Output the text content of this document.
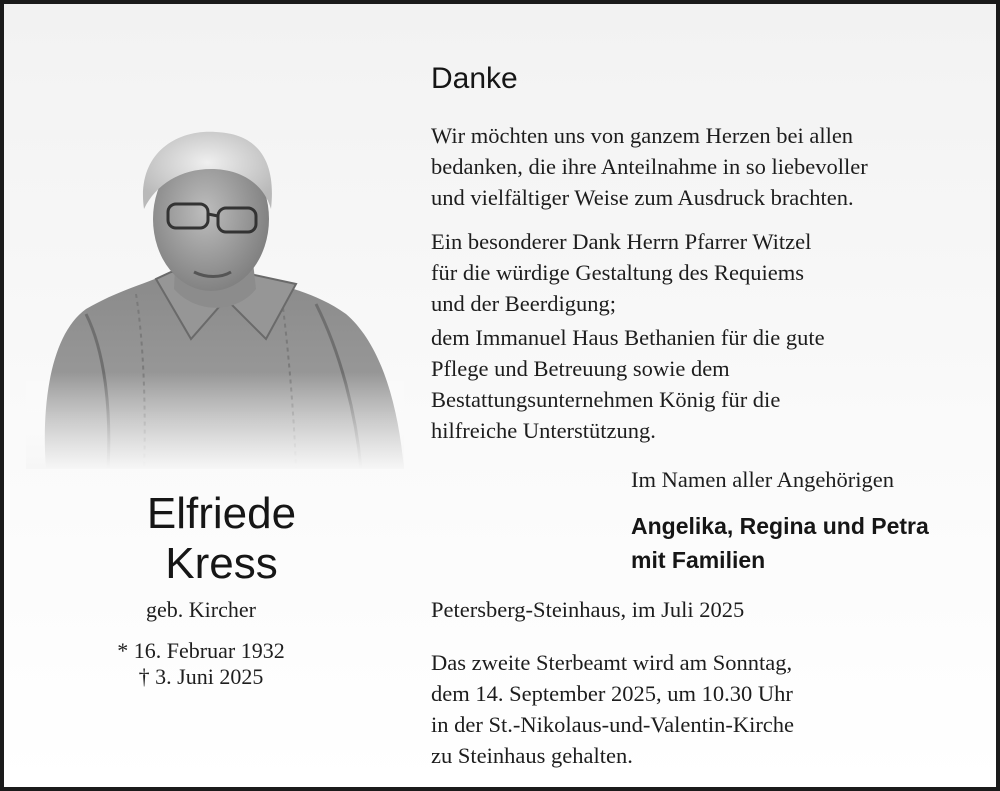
Elfriede
Kress
geb. Kircher
* 16. Februar 1932
† 3. Juni 2025
Danke
Wir möchten uns von ganzem Herzen bei allen
bedanken, die ihre Anteilnahme in so liebevoller
und vielfältiger Weise zum Ausdruck brachten.
Ein besonderer Dank Herrn Pfarrer Witzel
für die würdige Gestaltung des Requiems
und der Beerdigung;
dem Immanuel Haus Bethanien für die gute
Pflege und Betreuung sowie dem
Bestattungsunternehmen König für die
hilfreiche Unterstützung.
Im Namen aller Angehörigen
Angelika, Regina und Petra
mit Familien
Petersberg-Steinhaus, im Juli 2025
Das zweite Sterbeamt wird am Sonntag,
dem 14. September 2025, um 10.30 Uhr
in der St.-Nikolaus-und-Valentin-Kirche
zu Steinhaus gehalten.
